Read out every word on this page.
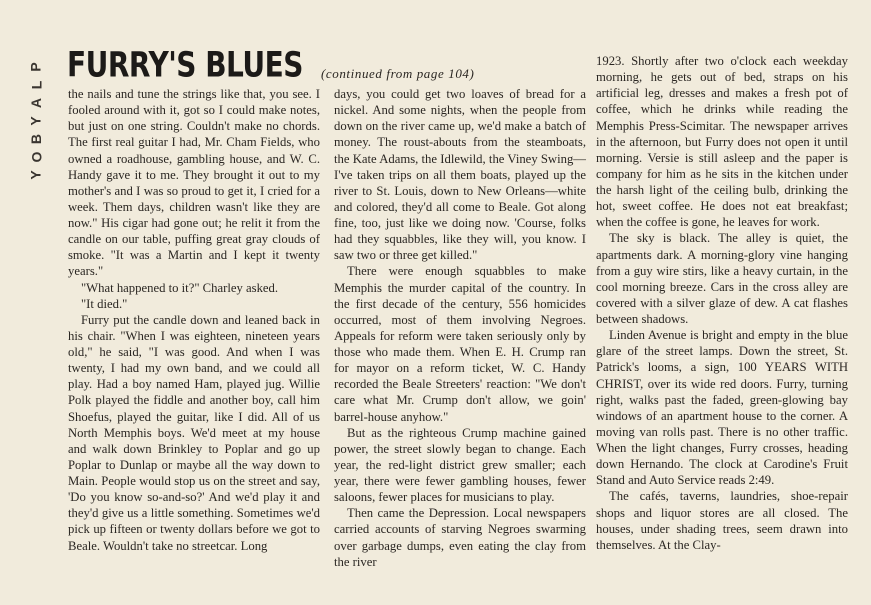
P
L
A
Y
B
O
Y
FURRY'S BLUES (continued from page 104)

the nails and tune the strings like that, you see. I fooled around with it, got so I could make notes, but just on one string. Couldn't make no chords. The first real guitar I had, Mr. Cham Fields, who owned a roadhouse, gambling house, and W. C. Handy gave it to me. They brought it out to my mother's and I was so proud to get it, I cried for a week. Them days, children wasn't like they are now." His cigar had gone out; he relit it from the candle on our table, puffing great gray clouds of smoke. "It was a Martin and I kept it twenty years."

"What happened to it?" Charley asked.

"It died."

Furry put the candle down and leaned back in his chair. "When I was eighteen, nineteen years old," he said, "I was good. And when I was twenty, I had my own band, and we could all play. Had a boy named Ham, played jug. Willie Polk played the fiddle and another boy, call him Shoefus, played the guitar, like I did. All of us North Memphis boys. We'd meet at my house and walk down Brinkley to Poplar and go up Poplar to Dunlap or maybe all the way down to Main. People would stop us on the street and say, 'Do you know so-and-so?' And we'd play it and they'd give us a little something. Sometimes we'd pick up fifteen or twenty dollars before we got to Beale. Wouldn't take no streetcar. Long

days, you could get two loaves of bread for a nickel. And some nights, when the people from down on the river came up, we'd make a batch of money. The roust-abouts from the steamboats, the Kate Adams, the Idlewild, the Viney Swing—I've taken trips on all them boats, played up the river to St. Louis, down to New Orleans—white and colored, they'd all come to Beale. Got along fine, too, just like we doing now. 'Course, folks had they squabbles, like they will, you know. I saw two or three get killed."

There were enough squabbles to make Memphis the murder capital of the country. In the first decade of the century, 556 homicides occurred, most of them involving Negroes. Appeals for reform were taken seriously only by those who made them. When E. H. Crump ran for mayor on a reform ticket, W. C. Handy recorded the Beale Streeters' reaction: "We don't care what Mr. Crump don't allow, we goin' barrel-house anyhow."

But as the righteous Crump machine gained power, the street slowly began to change. Each year, the red-light district grew smaller; each year, there were fewer gambling houses, fewer saloons, fewer places for musicians to play.

Then came the Depression. Local newspapers carried accounts of starving Negroes swarming over garbage dumps, even eating the clay from the river

1923. Shortly after two o'clock each weekday morning, he gets out of bed, straps on his artificial leg, dresses and makes a fresh pot of coffee, which he drinks while reading the Memphis Press-Scimitar. The newspaper arrives in the afternoon, but Furry does not open it until morning. Versie is still asleep and the paper is company for him as he sits in the kitchen under the harsh light of the ceiling bulb, drinking the hot, sweet coffee. He does not eat breakfast; when the coffee is gone, he leaves for work.

The sky is black. The alley is quiet, the apartments dark. A morning-glory vine hanging from a guy wire stirs, like a heavy curtain, in the cool morning breeze. Cars in the cross alley are covered with a silver glaze of dew. A cat flashes between shadows.

Linden Avenue is bright and empty in the blue glare of the street lamps. Down the street, St. Patrick's looms, a sign, 100 YEARS WITH CHRIST, over its wide red doors. Furry, turning right, walks past the faded, green-glowing bay windows of an apartment house to the corner. A moving van rolls past. There is no other traffic. When the light changes, Furry crosses, heading down Hernando. The clock at Carodine's Fruit Stand and Auto Service reads 2:49.

The cafés, taverns, laundries, shoe-repair shops and liquor stores are all closed. The houses, under shading trees, seem drawn into themselves. At the Clay-
